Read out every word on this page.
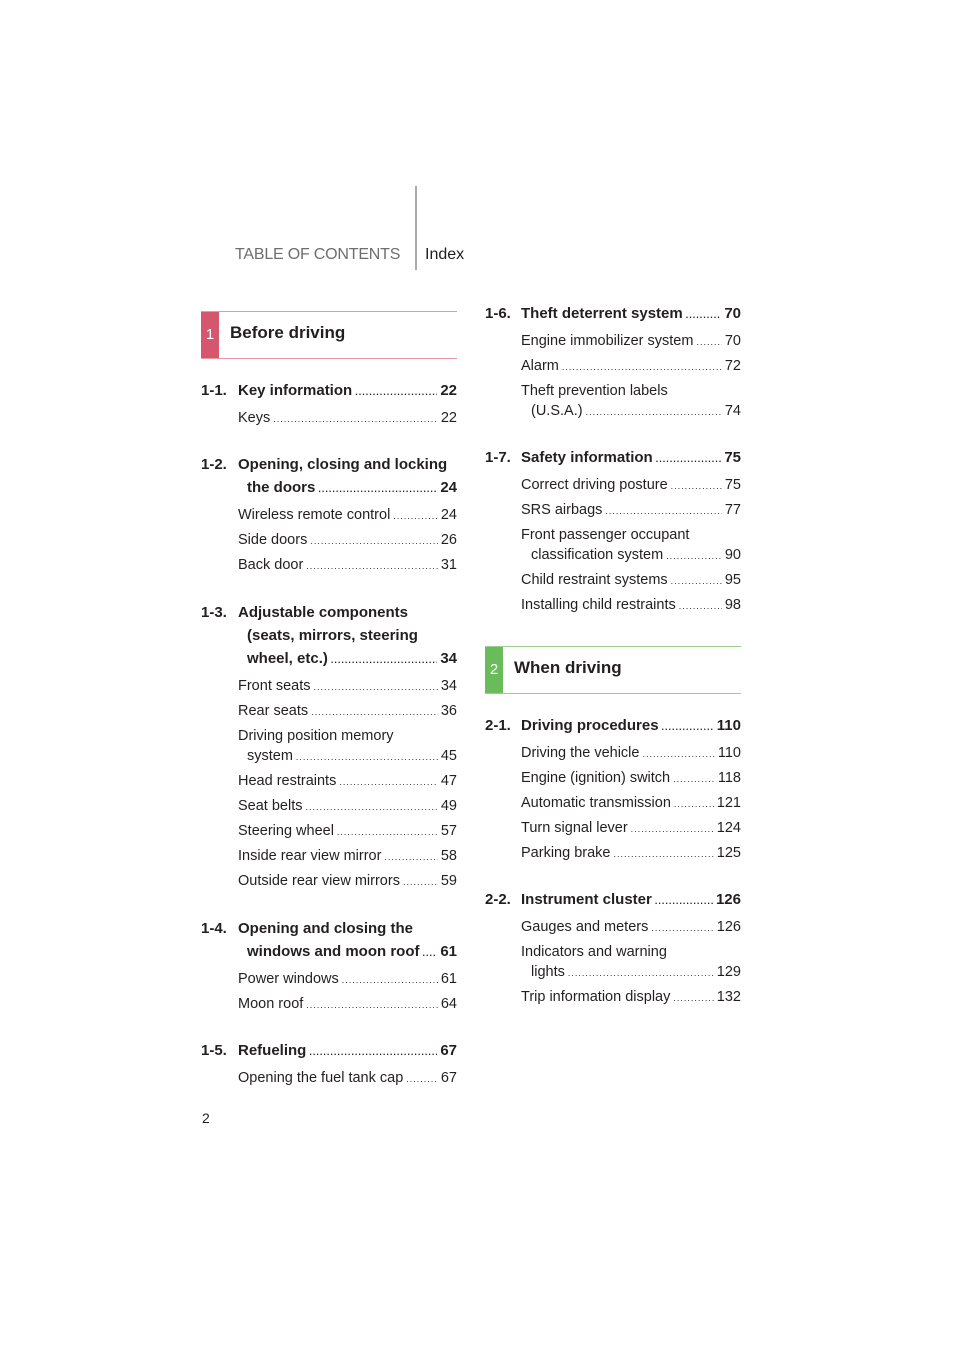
TABLE OF CONTENTS Index
1 Before driving
1-1. Key information .....	22
Keys .....	22
1-2. Opening, closing and locking
the doors .....	24
Wireless remote control .....	24
Side doors .....	26
Back door .....	31
1-3. Adjustable components
(seats, mirrors, steering
wheel, etc.) .....	34
Front seats .....	34
Rear seats .....	36
Driving position memory
system .....	45
Head restraints .....	47
Seat belts .....	49
Steering wheel .....	57
Inside rear view mirror .....	58
Outside rear view mirrors .....	59
1-4. Opening and closing the
windows and moon roof ..... 61
Power windows .....	61
Moon roof .....	64
1-5. Refueling .....	67
Opening the fuel tank cap .....	67
1-6. Theft deterrent system .....	70
Engine immobilizer system ..... 70
Alarm .....	72
Theft prevention labels
(U.S.A.) .....	74
1-7. Safety information .....	75
Correct driving posture .....	75
SRS airbags .....	77
Front passenger occupant
classification system .....	90
Child restraint systems .....	95
Installing child restraints .....	98
2 When driving
2-1. Driving procedures .....	110
Driving the vehicle .....	110
Engine (ignition) switch .....	118
Automatic transmission .....	121
Turn signal lever .....	124
Parking brake .....	125
2-2. Instrument cluster .....	126
Gauges and meters .....	126
Indicators and warning
lights .....	129
Trip information display .....	132
2
